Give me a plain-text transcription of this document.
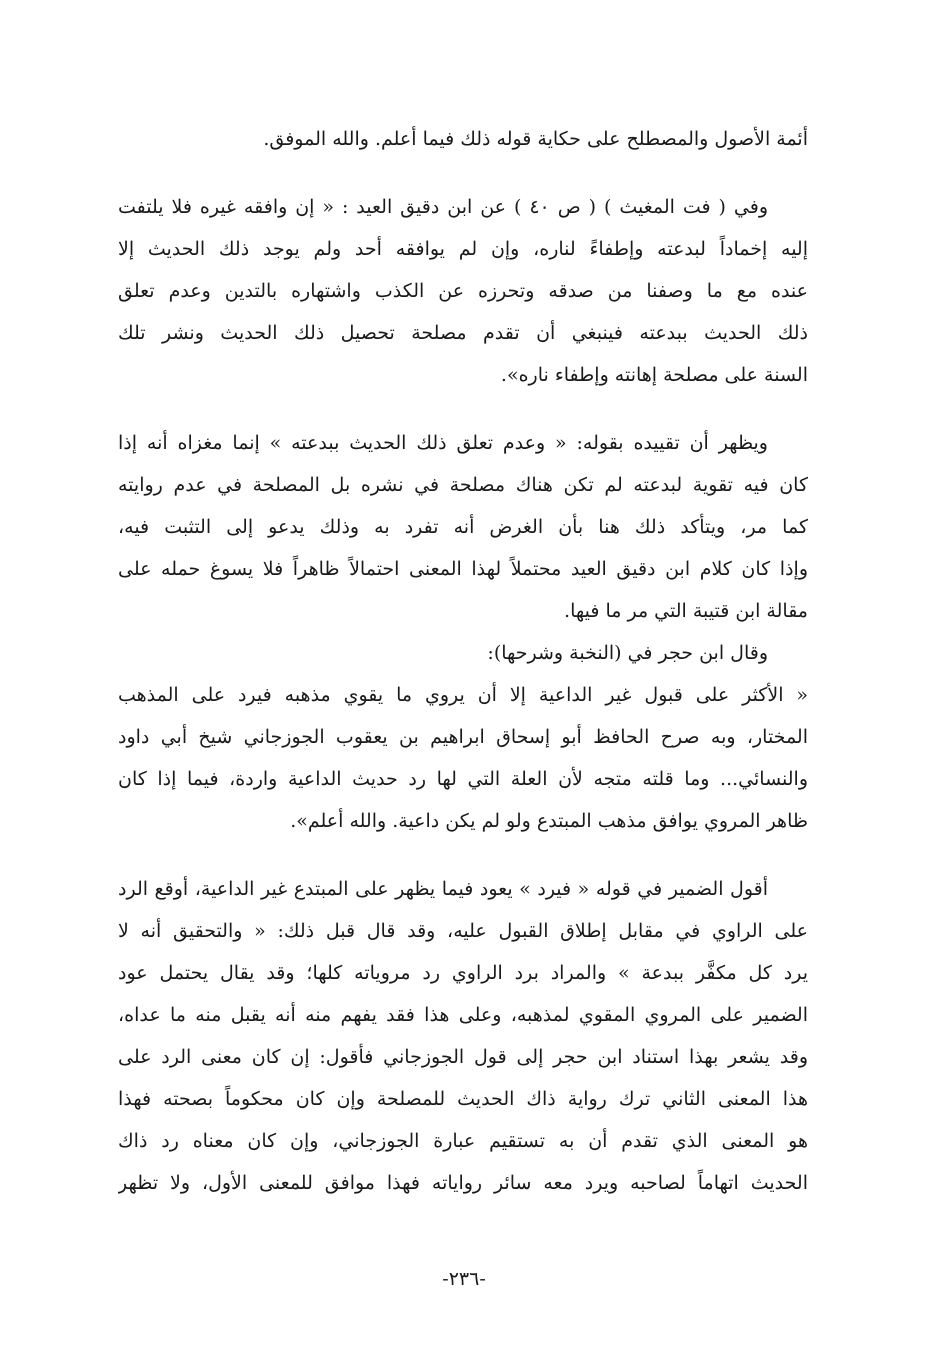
أئمة الأصول والمصطلح على حكاية قوله ذلك فيما أعلم. والله الموفق.
وفي ( فت المغيث ) ( ص ٤٠ ) عن ابن دقيق العيد : « إن وافقه غيره فلا يلتفت
إليه إخماداً لبدعته وإطفاءً لناره، وإن لم يوافقه أحد ولم يوجد ذلك الحديث إلا
عنده مع ما وصفنا من صدقه وتحرزه عن الكذب واشتهاره بالتدين وعدم تعلق
ذلك الحديث ببدعته فينبغي أن تقدم مصلحة تحصيل ذلك الحديث ونشر تلك
السنة على مصلحة إهانته وإطفاء ناره».
ويظهر أن تقييده بقوله: « وعدم تعلق ذلك الحديث ببدعته » إنما مغزاه أنه إذا
كان فيه تقوية لبدعته لم تكن هناك مصلحة في نشره بل المصلحة في عدم روايته
كما مر، ويتأكد ذلك هنا بأن الغرض أنه تفرد به وذلك يدعو إلى التثبت فيه،
وإذا كان كلام ابن دقيق العيد محتملاً لهذا المعنى احتمالاً ظاهراً فلا يسوغ حمله على
مقالة ابن قتيبة التي مر ما فيها.
وقال ابن حجر في (النخبة وشرحها):
« الأكثر على قبول غير الداعية إلا أن يروي ما يقوي مذهبه فيرد على المذهب
المختار، وبه صرح الحافظ أبو إسحاق ابراهيم بن يعقوب الجوزجاني شيخ أبي داود
والنسائي... وما قلته متجه لأن العلة التي لها رد حديث الداعية واردة، فيما إذا كان
ظاهر المروي يوافق مذهب المبتدع ولو لم يكن داعية. والله أعلم».
أقول الضمير في قوله « فيرد » يعود فيما يظهر على المبتدع غير الداعية، أوقع الرد
على الراوي في مقابل إطلاق القبول عليه، وقد قال قبل ذلك: « والتحقيق أنه لا
يرد كل مكفَّر ببدعة » والمراد برد الراوي رد مروياته كلها؛ وقد يقال يحتمل عود
الضمير على المروي المقوي لمذهبه، وعلى هذا فقد يفهم منه أنه يقبل منه ما عداه،
وقد يشعر بهذا استناد ابن حجر إلى قول الجوزجاني فأقول: إن كان معنى الرد على
هذا المعنى الثاني ترك رواية ذاك الحديث للمصلحة وإن كان محكوماً بصحته فهذا
هو المعنى الذي تقدم أن به تستقيم عبارة الجوزجاني، وإن كان معناه رد ذاك
الحديث اتهاماً لصاحبه ويرد معه سائر رواياته فهذا موافق للمعنى الأول، ولا تظهر
-٢٣٦-
